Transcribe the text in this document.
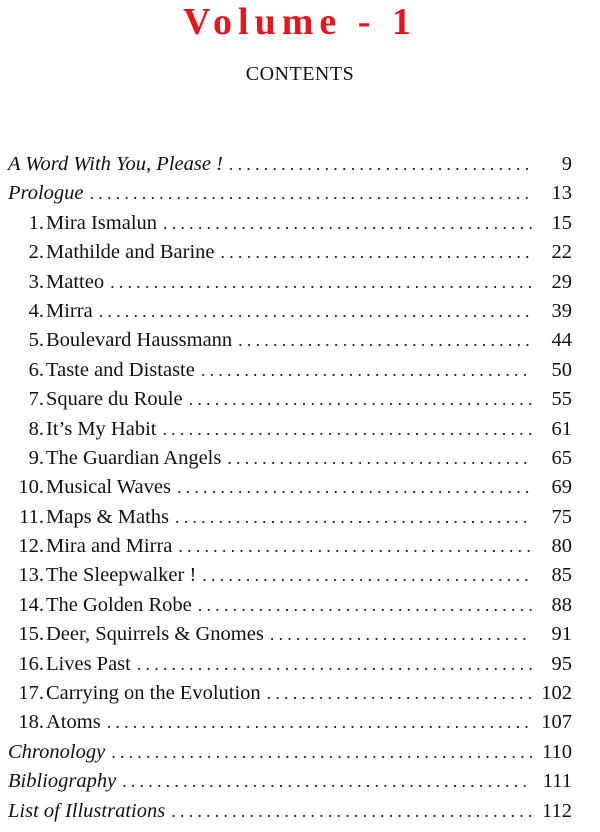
Volume - 1
CONTENTS
A Word With You, Please ! .....	9
Prologue .....	13
1.Mira Ismalun .....	15
2.Mathilde and Barine .....	22
3.Matteo .....	29
4.Mirra .....	39
5.Boulevard Haussmann .....	44
6.Taste and Distaste .....	50
7.Square du Roule .....	55
8.It’s My Habit .....	61
9.The Guardian Angels .....	65
10.Musical Waves .....	69
11.Maps & Maths .....	75
12.Mira and Mirra .....	80
13.The Sleepwalker ! .....	85
14.The Golden Robe .....	88
15.Deer, Squirrels & Gnomes .....	91
16.Lives Past .....	95
17.Carrying on the Evolution .....	102
18.Atoms .....	107
Chronology .....	110
Bibliography .....	111
List of Illustrations .....	112
